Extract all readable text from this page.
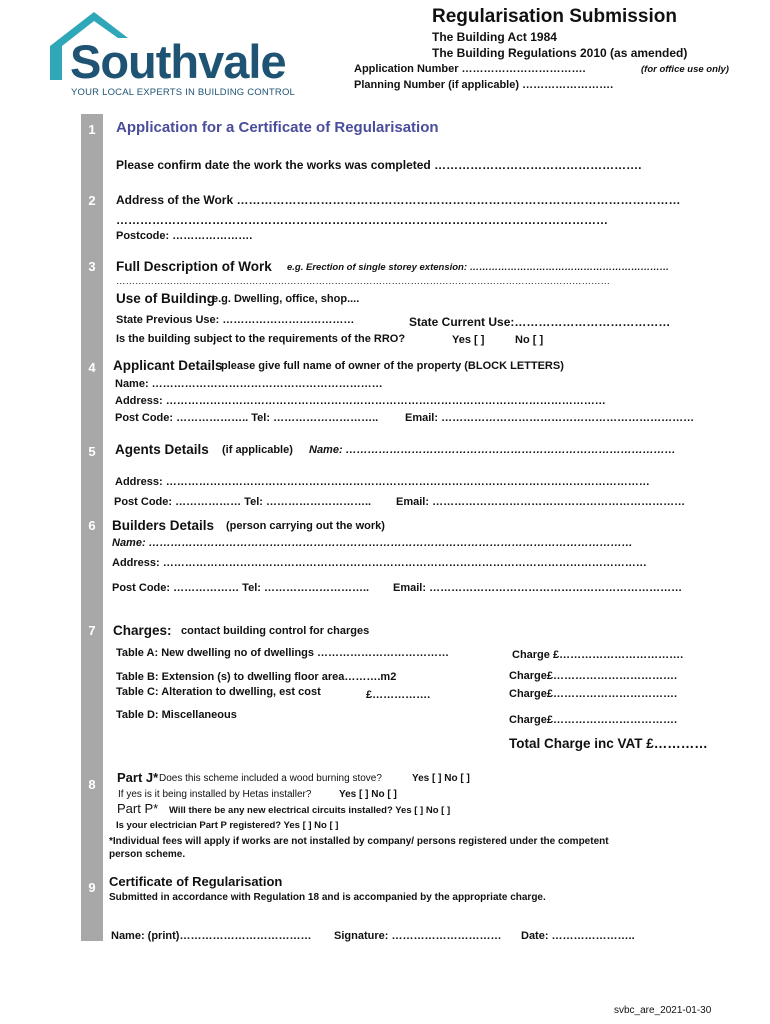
Southvale
YOUR LOCAL EXPERTS IN BUILDING CONTROL
Regularisation Submission
The Building Act 1984
The Building Regulations 2010 (as amended)
Application Number …………………………….	(for office use only)
Planning Number (if applicable) …………………….
1
2
3
4
5
6
7
8
9
Application for a Certificate of Regularisation
Please confirm date the work the works was completed …………………………………………….
Address of the Work …………………………………………………………………………………………………
……………………………………………………………………………………………………………
Postcode: ………………….
Full Description of Work e.g. Erection of single storey extension: ………………………………………………………
…………………………………………………………………………………………………………………………………………
Use of Building
e.g. Dwelling, office, shop....
State Previous Use: ………………………………	State Current Use:…………………………………
Is the building subject to the requirements of the RRO?	Yes [ ]	No [ ]
Applicant Details
please give full name of owner of the property (BLOCK LETTERS)
Name: ………………………………………………………
Address: …………………………………………………………………………………………………………
Post Code: ……………….. Tel: ……………………….. Email: ……………………………………………………………
Agents Details (if applicable) Name: ………………………………………………………………………………
Address: ……………………………………………………………………………………………………………………
Post Code: ……………… Tel: ……………………….. Email: ……………………………………………………………
Builders Details (person carrying out the work)
Name: ……………………………………………………………………………………………………………………
Address: ……………………………………………………………………………………………………………………
Post Code: ……………… Tel: ……………………….. Email: ……………………………………………………………
Charges: contact building control for charges
Table A: New dwelling no of dwellings ………………………………	Charge £…………………………….
Table B: Extension (s) to dwelling floor area……….m2	Charge£…………………………….
Table C: Alteration to dwelling, est cost	£…………….	Charge£…………………………….
Table D: Miscellaneous	Charge£…………………………….
Total Charge inc VAT £…………
Part J* Does this scheme included a wood burning stove?	Yes [ ] No [ ]
If yes is it being installed by Hetas installer?	Yes [ ] No [ ]
Part P* Will there be any new electrical circuits installed? Yes [ ] No [ ]
Is your electrician Part P registered? Yes [ ] No [ ]
*Individual fees will apply if works are not installed by company/ persons registered under the competent
person scheme.
Certificate of Regularisation
Submitted in accordance with Regulation 18 and is accompanied by the appropriate charge.
Name: (print)……………………………… Signature: ………………………… Date: …………………..
svbc_are_2021-01-30
